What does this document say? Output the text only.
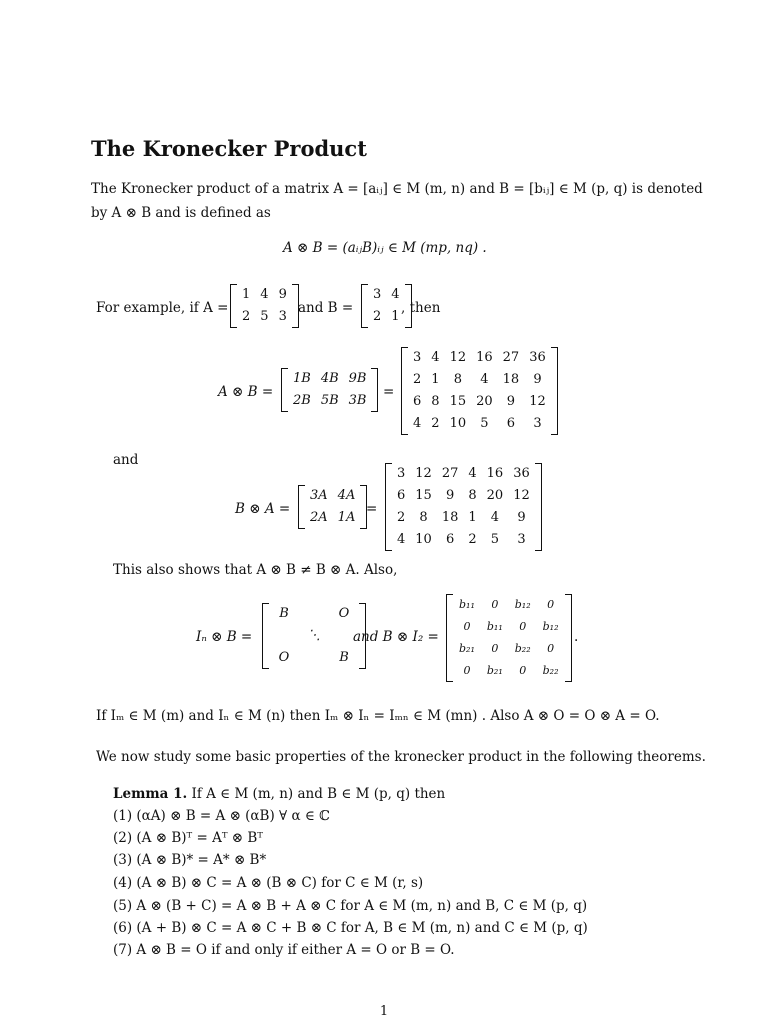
The Kronecker Product
The Kronecker product of a matrix A = [aᵢⱼ] ∈ M (m, n) and B = [bᵢⱼ] ∈ M (p, q) is denoted
by A ⊗ B and is defined as
A ⊗ B = (aᵢⱼB)ᵢⱼ ∈ M (mp, nq) .
For example, if A =
1	4	9
2	5	3
and B =
3	4
2	1
, then
A ⊗ B =
1B	4B	9B
2B	5B	3B
=
3	4	12	16	27	36
2	1	8	4	18	9
6	8	15	20	9	12
4	2	10	5	6	3
and
B ⊗ A =
3A	4A
2A	1A
=
3	12	27	4	16	36
6	15	9	8	20	12
2	8	18	1	4	9
4	10	6	2	5	3
This also shows that A ⊗ B ≠ B ⊗ A. Also,
Iₙ ⊗ B =
B		O
	⋱	
O		B
and B ⊗ I₂ =
b₁₁	0	b₁₂	0
0	b₁₁	0	b₁₂
b₂₁	0	b₂₂	0
0	b₂₁	0	b₂₂
.
If Iₘ ∈ M (m) and Iₙ ∈ M (n) then Iₘ ⊗ Iₙ = Iₘₙ ∈ M (mn) . Also A ⊗ O = O ⊗ A = O.
We now study some basic properties of the kronecker product in the following theorems.
Lemma 1. If A ∈ M (m, n) and B ∈ M (p, q) then
(1) (αA) ⊗ B = A ⊗ (αB) ∀ α ∈ ℂ
(2) (A ⊗ B)ᵀ = Aᵀ ⊗ Bᵀ
(3) (A ⊗ B)* = A* ⊗ B*
(4) (A ⊗ B) ⊗ C = A ⊗ (B ⊗ C) for C ∈ M (r, s)
(5) A ⊗ (B + C) = A ⊗ B + A ⊗ C for A ∈ M (m, n) and B, C ∈ M (p, q)
(6) (A + B) ⊗ C = A ⊗ C + B ⊗ C for A, B ∈ M (m, n) and C ∈ M (p, q)
(7) A ⊗ B = O if and only if either A = O or B = O.
1
